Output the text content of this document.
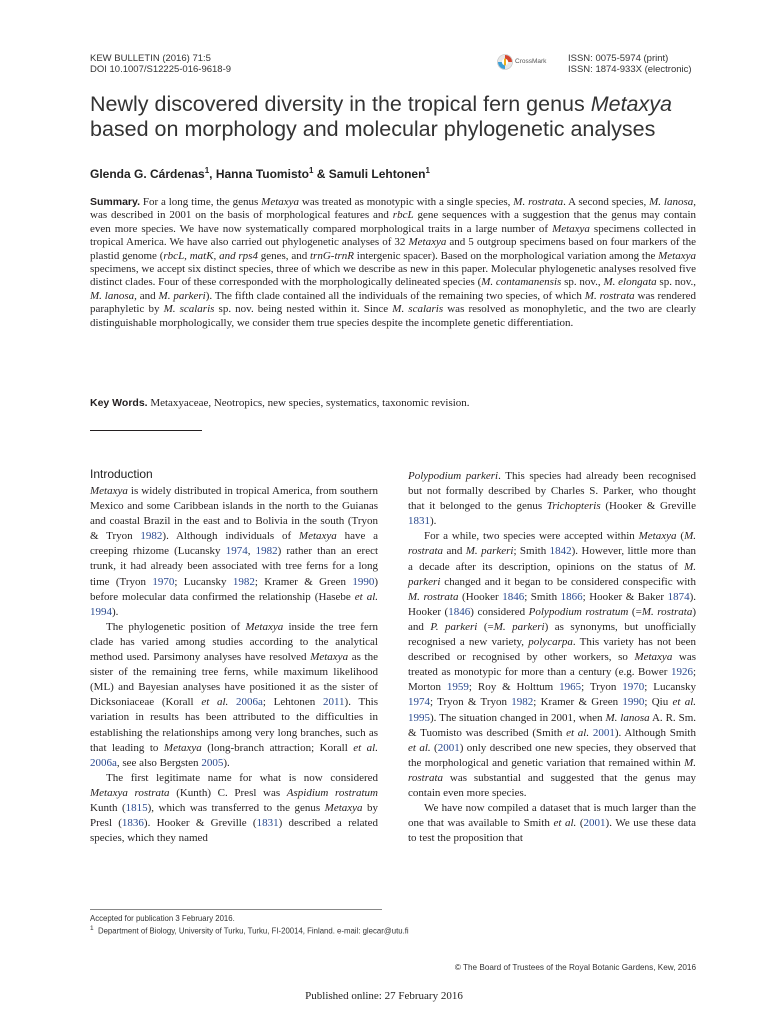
KEW BULLETIN (2016) 71:5
DOI 10.1007/S12225-016-9618-9
CrossMark ISSN: 0075-5974 (print)
ISSN: 1874-933X (electronic)
Newly discovered diversity in the tropical fern genus Metaxya based on morphology and molecular phylogenetic analyses
Glenda G. Cárdenas$^1$, Hanna Tuomisto$^1$ & Samuli Lehtonen$^1$
Summary. For a long time, the genus Metaxya was treated as monotypic with a single species, M. rostrata. A second species, M. lanosa, was described in 2001 on the basis of morphological features and rbcL gene sequences with a suggestion that the genus may contain even more species. We have now systematically compared morphological traits in a large number of Metaxya specimens collected in tropical America. We have also carried out phylogenetic analyses of 32 Metaxya and 5 outgroup specimens based on four markers of the plastid genome (rbcL, matK, and rps4 genes, and trnG-trnR intergenic spacer). Based on the morphological variation among the Metaxya specimens, we accept six distinct species, three of which we describe as new in this paper. Molecular phylogenetic analyses resolved five distinct clades. Four of these corresponded with the morphologically delineated species (M. contamanensis sp. nov., M. elongata sp. nov., M. lanosa, and M. parkeri). The fifth clade contained all the individuals of the remaining two species, of which M. rostrata was rendered paraphyletic by M. scalaris sp. nov. being nested within it. Since M. scalaris was resolved as monophyletic, and the two are clearly distinguishable morphologically, we consider them true species despite the incomplete genetic differentiation.
Key Words. Metaxyaceae, Neotropics, new species, systematics, taxonomic revision.
Introduction

Metaxya is widely distributed in tropical America, from southern Mexico and some Caribbean islands in the north to the Guianas and coastal Brazil in the east and to Bolivia in the south (Tryon & Tryon 1982). Although individuals of Metaxya have a creeping rhizome (Lucansky 1974, 1982) rather than an erect trunk, it had already been associated with tree ferns for a long time (Tryon 1970; Lucansky 1982; Kramer & Green 1990) before molecular data confirmed the relationship (Hasebe et al. 1994).

The phylogenetic position of Metaxya inside the tree fern clade has varied among studies according to the analytical method used. Parsimony analyses have resolved Metaxya as the sister of the remaining tree ferns, while maximum likelihood (ML) and Bayesian analyses have positioned it as the sister of Dicksoniaceae (Korall et al. 2006a; Lehtonen 2011). This variation in results has been attributed to the difficulties in establishing the relationships among very long branches, such as that leading to Metaxya (long-branch attraction; Korall et al. 2006a, see also Bergsten 2005).

The first legitimate name for what is now considered Metaxya rostrata (Kunth) C. Presl was Aspidium rostratum Kunth (1815), which was transferred to the genus Metaxya by Presl (1836). Hooker & Greville (1831) described a related species, which they named

Polypodium parkeri. This species had already been recognised but not formally described by Charles S. Parker, who thought that it belonged to the genus Trichopteris (Hooker & Greville 1831).

For a while, two species were accepted within Metaxya (M. rostrata and M. parkeri; Smith 1842). However, little more than a decade after its description, opinions on the status of M. parkeri changed and it began to be considered conspecific with M. rostrata (Hooker 1846; Smith 1866; Hooker & Baker 1874). Hooker (1846) considered Polypodium rostratum (=M. rostrata) and P. parkeri (=M. parkeri) as synonyms, but unofficially recognised a new variety, polycarpa. This variety has not been described or recognised by other workers, so Metaxya was treated as monotypic for more than a century (e.g. Bower 1926; Morton 1959; Roy & Holttum 1965; Tryon 1970; Lucansky 1974; Tryon & Tryon 1982; Kramer & Green 1990; Qiu et al. 1995). The situation changed in 2001, when M. lanosa A. R. Sm. & Tuomisto was described (Smith et al. 2001). Although Smith et al. (2001) only described one new species, they observed that the morphological and genetic variation that remained within M. rostrata was substantial and suggested that the genus may contain even more species.

We have now compiled a dataset that is much larger than the one that was available to Smith et al. (2001). We use these data to test the proposition that

Accepted for publication 3 February 2016.
$^1$ Department of Biology, University of Turku, Turku, FI-20014, Finland. e-mail: glecar@utu.fi
© The Board of Trustees of the Royal Botanic Gardens, Kew, 2016
Published online: 27 February 2016
